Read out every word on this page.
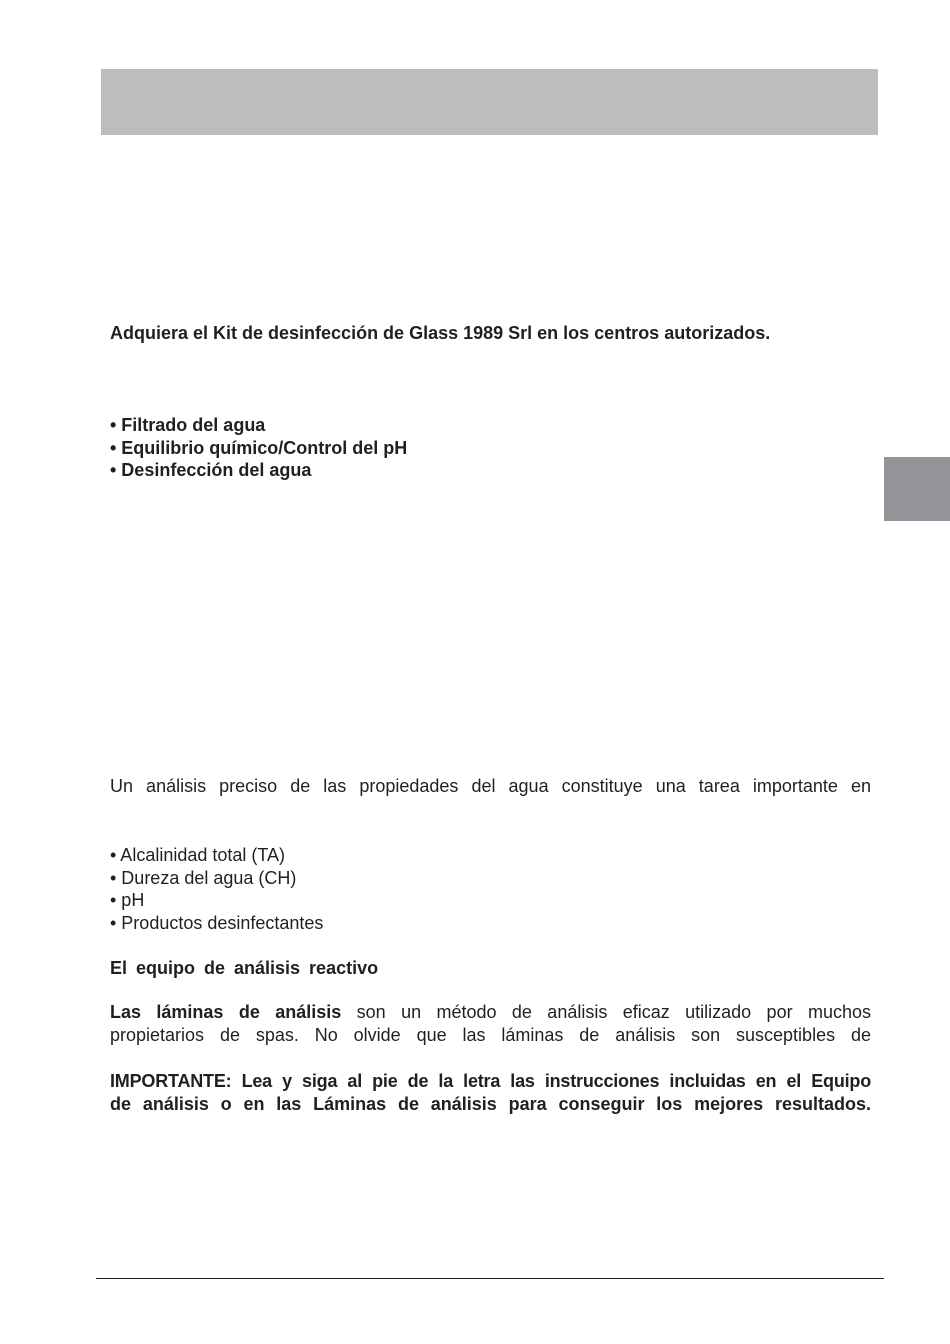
Adquiera el Kit de desinfección de Glass 1989 Srl en los centros autorizados.

• Filtrado del agua
• Equilibrio químico/Control del pH
• Desinfección del agua

Un análisis preciso de las propiedades del agua constituye una tarea importante en

• Alcalinidad total (TA)
• Dureza del agua (CH)
• pH
• Productos desinfectantes

El equipo de análisis reactivo

Las láminas de análisis son un método de análisis eficaz utilizado por muchos

propietarios de spas. No olvide que las láminas de análisis son susceptibles de

IMPORTANTE: Lea y siga al pie de la letra las instrucciones incluidas en el Equipo

de análisis o en las Láminas de análisis para conseguir los mejores resultados.
